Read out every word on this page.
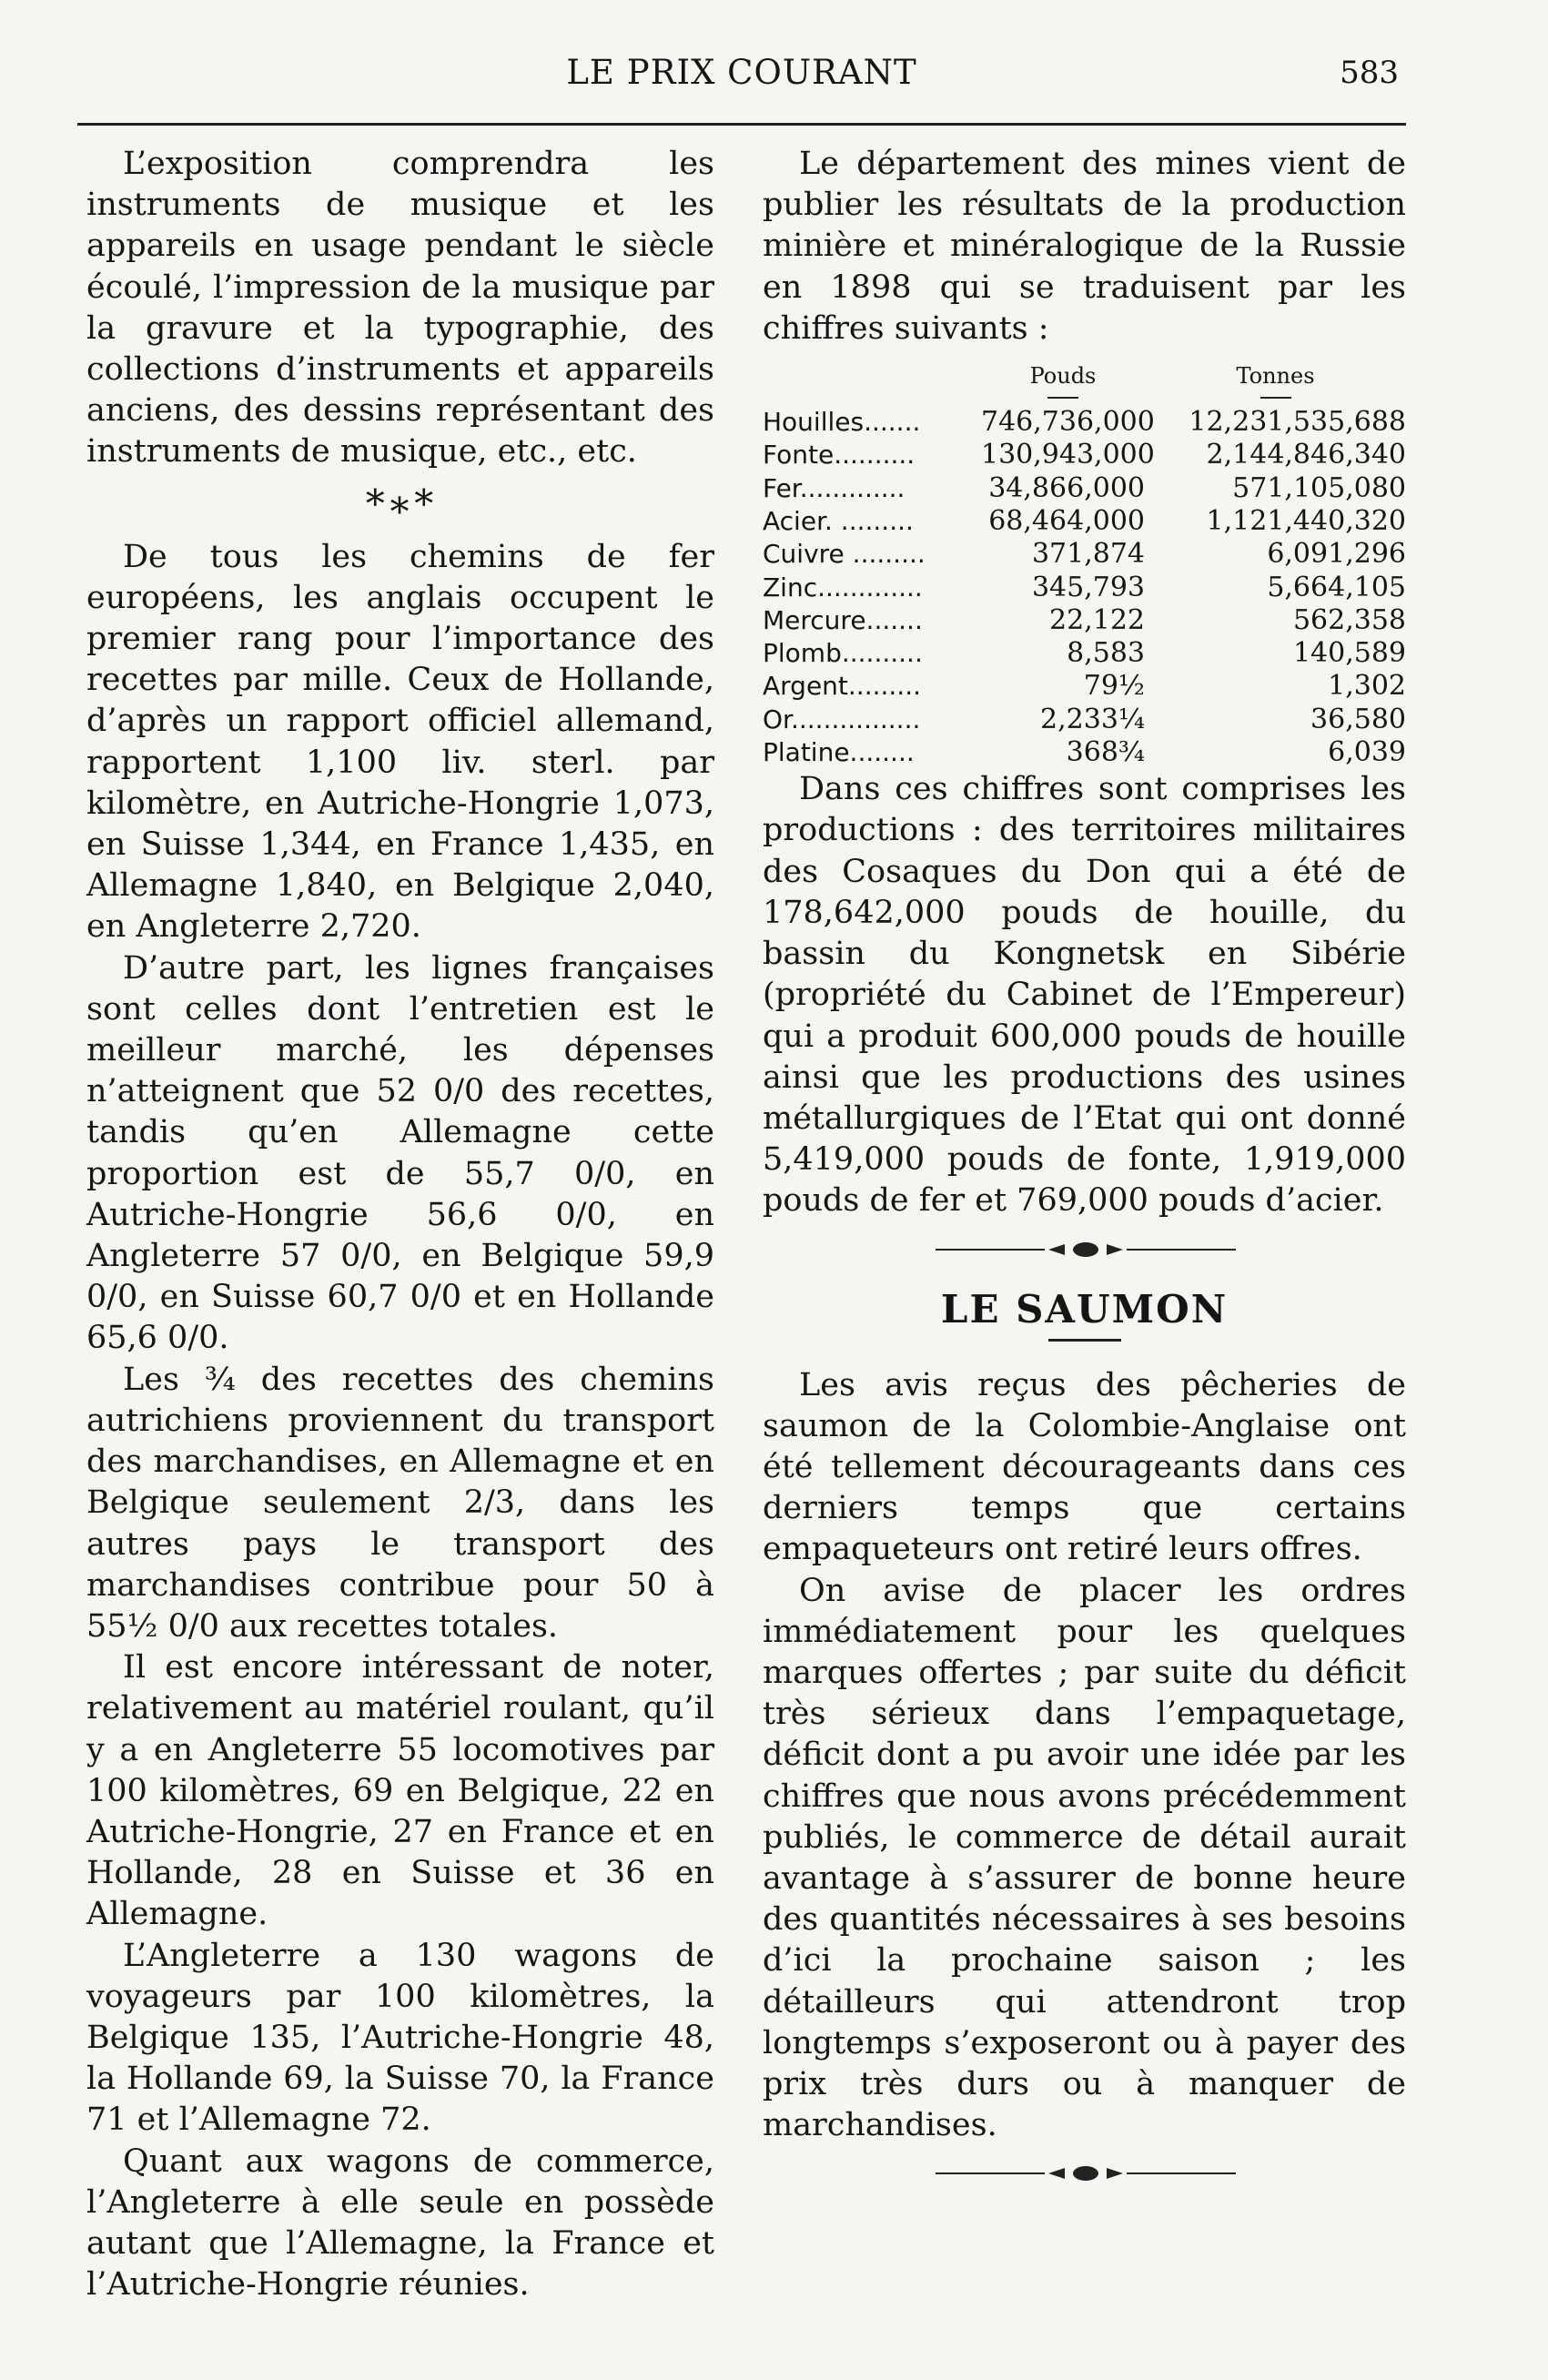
LE PRIX COURANT	583

L’exposition comprendra les instruments de musique et les appareils en usage pendant le siècle écoulé, l’impression de la musique par la gravure et la typographie, des collections d’instruments et appareils anciens, des dessins représentant des instruments de musique, etc., etc.

*∗*

De tous les chemins de fer européens, les anglais occupent le premier rang pour l’importance des recettes par mille. Ceux de Hollande, d’après un rapport officiel allemand, rapportent 1,100 liv. sterl. par kilomètre, en Autriche-Hongrie 1,073, en Suisse 1,344, en France 1,435, en Allemagne 1,840, en Belgique 2,040, en Angleterre 2,720.

D’autre part, les lignes françaises sont celles dont l’entretien est le meilleur marché, les dépenses n’atteignent que 52 0/0 des recettes, tandis qu’en Allemagne cette proportion est de 55,7 0/0, en Autriche-Hongrie 56,6 0/0, en Angleterre 57 0/0, en Belgique 59,9 0/0, en Suisse 60,7 0/0 et en Hollande 65,6 0/0.

Les ¾ des recettes des chemins autrichiens proviennent du transport des marchandises, en Allemagne et en Belgique seulement 2/3, dans les autres pays le transport des marchandises contribue pour 50 à 55½ 0/0 aux recettes totales.

Il est encore intéressant de noter, relativement au matériel roulant, qu’il y a en Angleterre 55 locomotives par 100 kilomètres, 69 en Belgique, 22 en Autriche-Hongrie, 27 en France et en Hollande, 28 en Suisse et 36 en Allemagne.

L’Angleterre a 130 wagons de voyageurs par 100 kilomètres, la Belgique 135, l’Autriche-Hongrie 48, la Hollande 69, la Suisse 70, la France 71 et l’Allemagne 72.

Quant aux wagons de commerce, l’Angleterre à elle seule en possède autant que l’Allemagne, la France et l’Autriche-Hongrie réunies.

Le département des mines vient de publier les résultats de la production minière et minéralogique de la Russie en 1898 qui se traduisent par les chiffres suivants :

Pouds	Tonnes
Houilles.......	746,736,000	12,231,535,688
Fonte..........	130,943,000	2,144,846,340
Fer.............	34,866,000	571,105,080
Acier. .........	68,464,000	1,121,440,320
Cuivre .........	371,874	6,091,296
Zinc.............	345,793	5,664,105
Mercure.......	22,122	562,358
Plomb..........	8,583	140,589
Argent.........	79½	1,302
Or................	2,233¼	36,580
Platine........	368¾	6,039

Dans ces chiffres sont comprises les productions : des territoires militaires des Cosaques du Don qui a été de 178,642,000 pouds de houille, du bassin du Kongnetsk en Sibérie (propriété du Cabinet de l’Empereur) qui a produit 600,000 pouds de houille ainsi que les productions des usines métallurgiques de l’Etat qui ont donné 5,419,000 pouds de fonte, 1,919,000 pouds de fer et 769,000 pouds d’acier.

LE SAUMON

Les avis reçus des pêcheries de saumon de la Colombie-Anglaise ont été tellement décourageants dans ces derniers temps que certains empaqueteurs ont retiré leurs offres.

On avise de placer les ordres immédiatement pour les quelques marques offertes ; par suite du déficit très sérieux dans l’empaquetage, déficit dont a pu avoir une idée par les chiffres que nous avons précédemment publiés, le commerce de détail aurait avantage à s’assurer de bonne heure des quantités nécessaires à ses besoins d’ici la prochaine saison ; les détailleurs qui attendront trop longtemps s’exposeront ou à payer des prix très durs ou à manquer de marchandises.
